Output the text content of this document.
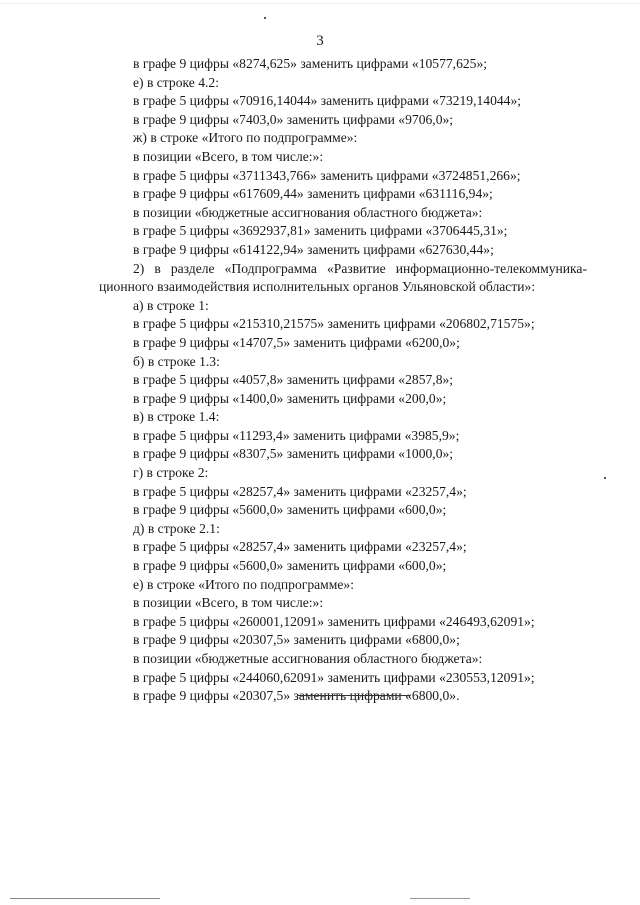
3
в графе 9 цифры «8274,625» заменить цифрами «10577,625»;
е) в строке 4.2:
в графе 5 цифры «70916,14044» заменить цифрами «73219,14044»;
в графе 9 цифры «7403,0» заменить цифрами «9706,0»;
ж) в строке «Итого по подпрограмме»:
в позиции «Всего, в том числе:»:
в графе 5 цифры «3711343,766» заменить цифрами «3724851,266»;
в графе 9 цифры «617609,44» заменить цифрами «631116,94»;
в позиции «бюджетные ассигнования областного бюджета»:
в графе 5 цифры «3692937,81» заменить цифрами «3706445,31»;
в графе 9 цифры «614122,94» заменить цифрами «627630,44»;
2) в разделе «Подпрограмма «Развитие информационно-телекоммуника-
ционного взаимодействия исполнительных органов Ульяновской области»:
а) в строке 1:
в графе 5 цифры «215310,21575» заменить цифрами «206802,71575»;
в графе 9 цифры «14707,5» заменить цифрами «6200,0»;
б) в строке 1.3:
в графе 5 цифры «4057,8» заменить цифрами «2857,8»;
в графе 9 цифры «1400,0» заменить цифрами «200,0»;
в) в строке 1.4:
в графе 5 цифры «11293,4» заменить цифрами «3985,9»;
в графе 9 цифры «8307,5» заменить цифрами «1000,0»;
г) в строке 2:
в графе 5 цифры «28257,4» заменить цифрами «23257,4»;
в графе 9 цифры «5600,0» заменить цифрами «600,0»;
д) в строке 2.1:
в графе 5 цифры «28257,4» заменить цифрами «23257,4»;
в графе 9 цифры «5600,0» заменить цифрами «600,0»;
е) в строке «Итого по подпрограмме»:
в позиции «Всего, в том числе:»:
в графе 5 цифры «260001,12091» заменить цифрами «246493,62091»;
в графе 9 цифры «20307,5» заменить цифрами «6800,0»;
в позиции «бюджетные ассигнования областного бюджета»:
в графе 5 цифры «244060,62091» заменить цифрами «230553,12091»;
в графе 9 цифры «20307,5» заменить цифрами «6800,0».
